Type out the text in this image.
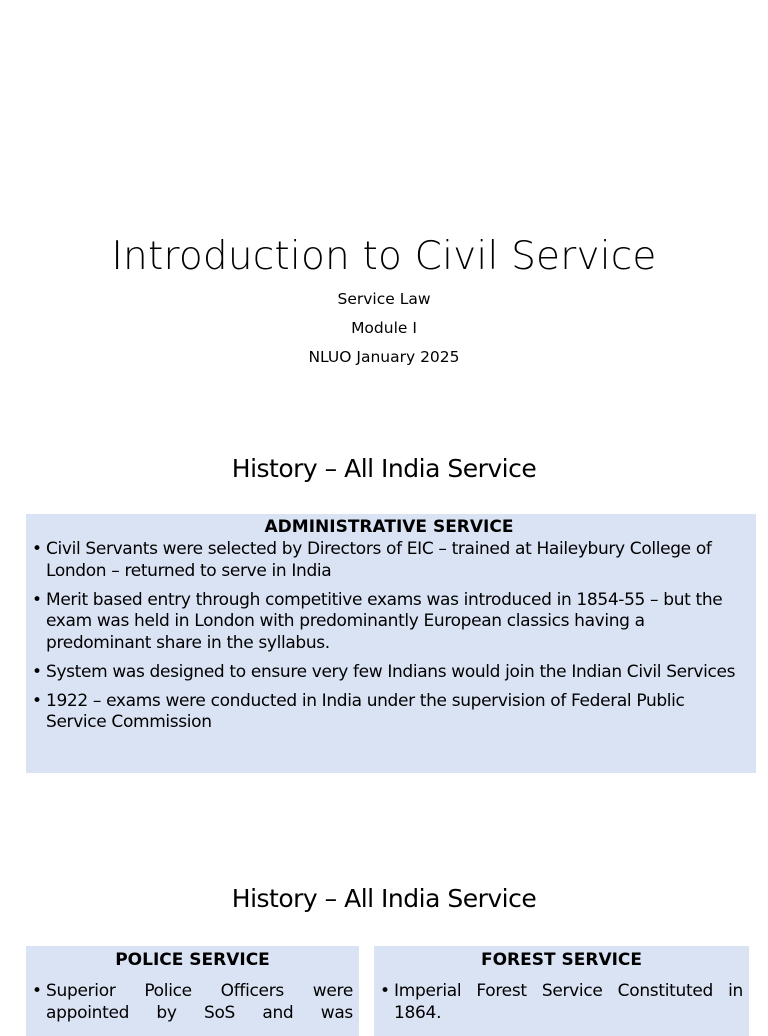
Introduction to Civil Service
Service Law
Module I
NLUO January 2025
History – All India Service
ADMINISTRATIVE SERVICE
• Civil Servants were selected by Directors of EIC – trained at Haileybury College of London – returned to serve in India
• Merit based entry through competitive exams was introduced in 1854-55 – but the exam was held in London with predominantly European classics having a predominant share in the syllabus.
• System was designed to ensure very few Indians would join the Indian Civil Services
• 1922 – exams were conducted in India under the supervision of Federal Public Service Commission
History – All India Service
POLICE SERVICE
• Superior Police Officers were appointed by SoS and was
FOREST SERVICE
• Imperial Forest Service Constituted in 1864.
